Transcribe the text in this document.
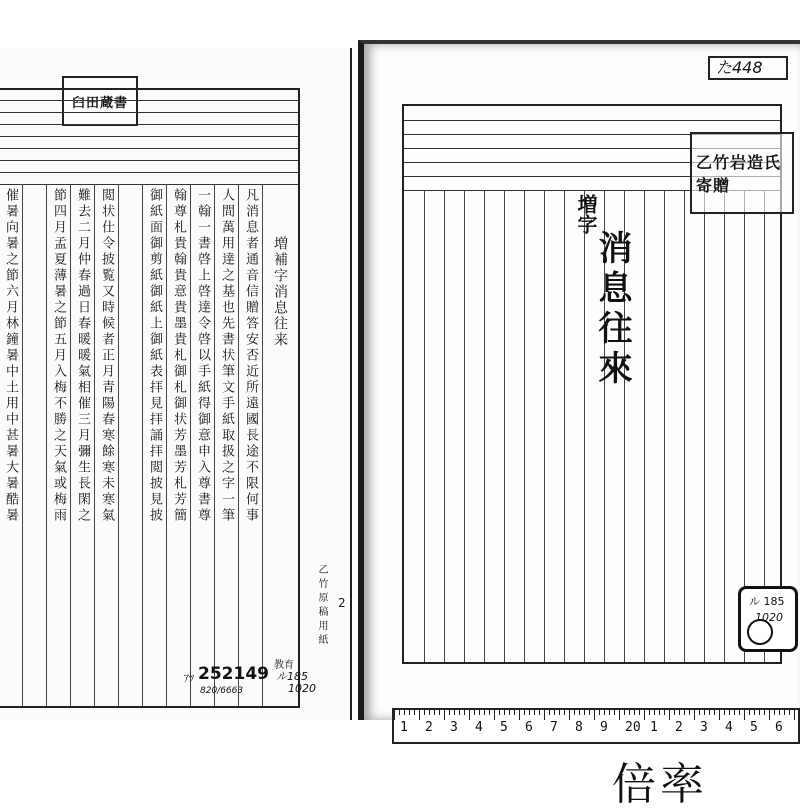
臼田蔵書
増補字消息往来
凡消息者通音信贈答安否近所遠國長途不限何事
人間萬用達之基也先書状筆文手紙取扱之字一筆
一翰一書啓上啓達令啓以手紙得御意申入尊書尊
翰尊札貴翰貴意貴墨貴札御札御状芳墨芳札芳簡
御紙面御剪紙御紙上御紙表拝見拝誦拝閲披見披
閲状仕令披覧又時候者正月青陽春寒餘寒未寒氣
難去二月仲春過日春暖暖氣相催三月彌生長閑之
節四月孟夏薄暑之節五月入梅不勝之天氣或梅雨
催暑向暑之節六月林鐘暑中土用中甚暑大暑酷暑
乙竹原稿用紙 2
ｱﾂ 252149
820/6663
教育
ル185
1020
た448
乙竹岩造氏寄贈
増字
消息往來
ル 185
1020
1 2 3 4 5 6 7 8 9 20 1 2 3 4 5 6
倍率
